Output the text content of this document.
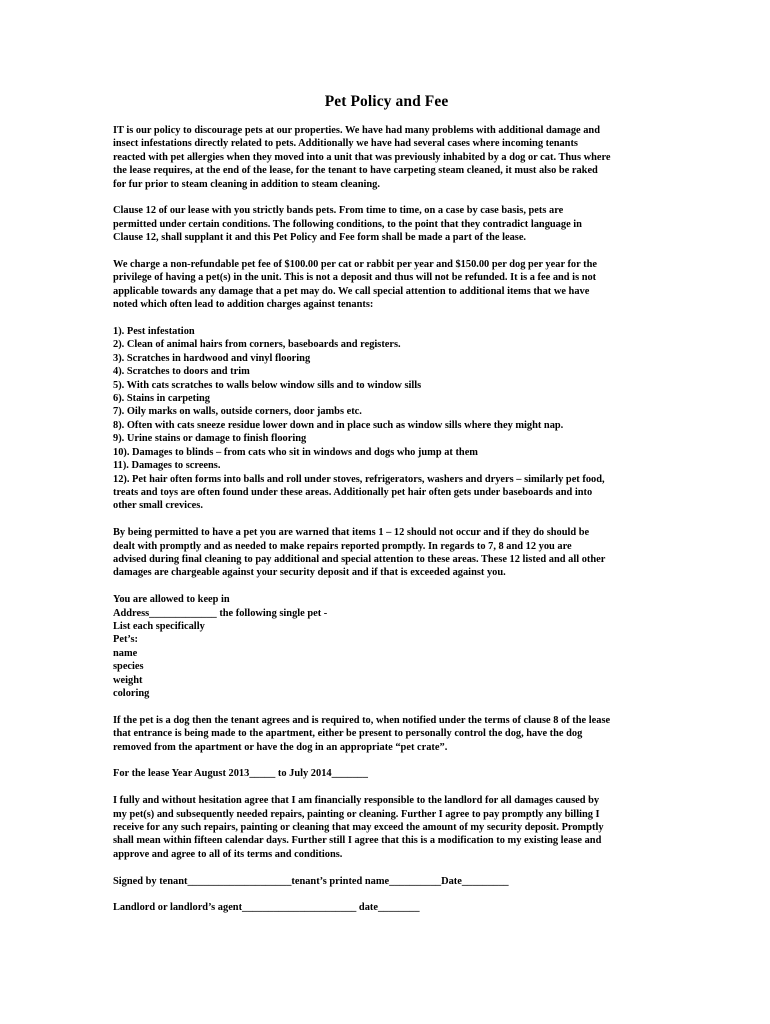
Pet Policy and Fee
IT is our policy to discourage pets at our properties. We have had many problems with additional damage and
insect infestations directly related to pets. Additionally we have had several cases where incoming tenants
reacted with pet allergies when they moved into a unit that was previously inhabited by a dog or cat. Thus where
the lease requires, at the end of the lease, for the tenant to have carpeting steam cleaned, it must also be raked
for fur prior to steam cleaning in addition to steam cleaning.
Clause 12 of our lease with you strictly bands pets. From time to time, on a case by case basis, pets are
permitted under certain conditions. The following conditions, to the point that they contradict language in
Clause 12, shall supplant it and this Pet Policy and Fee form shall be made a part of the lease.
We charge a non-refundable pet fee of $100.00 per cat or rabbit per year and $150.00 per dog per year for the
privilege of having a pet(s) in the unit. This is not a deposit and thus will not be refunded. It is a fee and is not
applicable towards any damage that a pet may do. We call special attention to additional items that we have
noted which often lead to addition charges against tenants:
1). Pest infestation
2). Clean of animal hairs from corners, baseboards and registers.
3). Scratches in hardwood and vinyl flooring
4). Scratches to doors and trim
5). With cats scratches to walls below window sills and to window sills
6). Stains in carpeting
7). Oily marks on walls, outside corners, door jambs etc.
8). Often with cats sneeze residue lower down and in place such as window sills where they might nap.
9). Urine stains or damage to finish flooring
10). Damages to blinds – from cats who sit in windows and dogs who jump at them
11). Damages to screens.
12). Pet hair often forms into balls and roll under stoves, refrigerators, washers and dryers – similarly pet food,
treats and toys are often found under these areas. Additionally pet hair often gets under baseboards and into
other small crevices.
By being permitted to have a pet you are warned that items 1 – 12 should not occur and if they do should be
dealt with promptly and as needed to make repairs reported promptly. In regards to 7, 8 and 12 you are
advised during final cleaning to pay additional and special attention to these areas. These 12 listed and all other
damages are chargeable against your security deposit and if that is exceeded against you.
You are allowed to keep in
Address_____________ the following single pet -
List each specifically
Pet’s:
name
species
weight
coloring
If the pet is a dog then the tenant agrees and is required to, when notified under the terms of clause 8 of the lease
that entrance is being made to the apartment, either be present to personally control the dog, have the dog
removed from the apartment or have the dog in an appropriate “pet crate”.
For the lease Year August 2013_____ to July 2014_______
I fully and without hesitation agree that I am financially responsible to the landlord for all damages caused by
my pet(s) and subsequently needed repairs, painting or cleaning. Further I agree to pay promptly any billing I
receive for any such repairs, painting or cleaning that may exceed the amount of my security deposit. Promptly
shall mean within fifteen calendar days. Further still I agree that this is a modification to my existing lease and
approve and agree to all of its terms and conditions.
Signed by tenant____________________tenant’s printed name__________Date_________
Landlord or landlord’s agent______________________ date________
